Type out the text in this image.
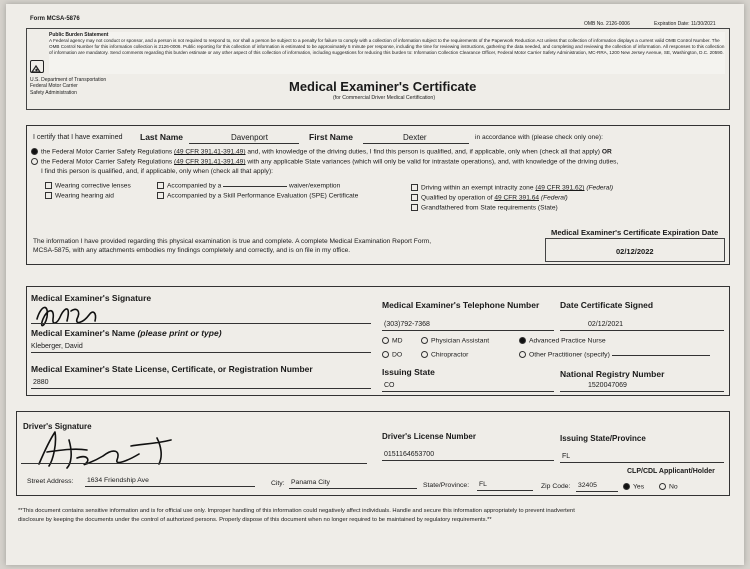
Form MCSA-5876
OMB No. 2126-0006	Expiration Date: 11/30/2021
Public Burden Statement
A Federal agency may not conduct or sponsor, and a person is not required to respond to, nor shall a person be subject to a penalty for failure to comply with a collection of information subject to the requirements of the Paperwork Reduction Act unless that collection of information displays a current valid OMB Control Number. The OMB Control Number for this information collection is 2126-0006. Public reporting for this collection of information is estimated to be approximately 5 minute per response, including the time for reviewing instructions, gathering the data needed, and completing and reviewing the collection of information. All responses to this collection of information are mandatory. Send comments regarding this burden estimate or any other aspect of this collection of information, including suggestions for reducing this burden to: Information Collection Clearance Officer, Federal Motor Carrier Safety Administration, MC-RRA, 1200 New Jersey Avenue, SE, Washington, D.C. 20590.
U.S. Department of Transportation
Federal Motor Carrier
Safety Administration	Medical Examiner's Certificate
(for Commercial Driver Medical Certification)
I certify that I have examined Last Name	Davenport	First Name	Dexter	in accordance with (please check only one):
the Federal Motor Carrier Safety Regulations (49 CFR 391.41-391.49) and, with knowledge of the driving duties, I find this person is qualified, and, if applicable, only when (check all that apply) OR
the Federal Motor Carrier Safety Regulations (49 CFR 391.41-391.49) with any applicable State variances (which will only be valid for intrastate operations), and, with knowledge of the driving duties,
I find this person is qualified, and, if applicable, only when (check all that apply):
Wearing corrective lenses
Wearing hearing aid
Accompanied by a	waiver/exemption
Accompanied by a Skill Performance Evaluation (SPE) Certificate
Driving within an exempt intracity zone (49 CFR 391.62) (Federal)
Qualified by operation of 49 CFR 391.64 (Federal)
Grandfathered from State requirements (State)
The information I have provided regarding this physical examination is true and complete. A complete Medical Examination Report Form,
MCSA-5875, with any attachments embodies my findings completely and correctly, and is on file in my office.
Medical Examiner's Certificate Expiration Date
02/12/2022
Medical Examiner's Signature
Medical Examiner's Telephone Number
(303)792-7368
Date Certificate Signed
02/12/2021
Medical Examiner's Name (please print or type)
Kleberger, David
MD	Physician Assistant	Advanced Practice Nurse
DO	Chiropractor	Other Practitioner (specify)
Medical Examiner's State License, Certificate, or Registration Number
2880
Issuing State
CO
National Registry Number
1520047069
Driver's Signature
Driver's License Number
0151164653700
Issuing State/Province
FL
CLP/CDL Applicant/Holder
Street Address: 1634 Friendship Ave	City: Panama City	State/Province: FL	Zip Code: 32405	Yes	No
**This document contains sensitive information and is for official use only. Improper handling of this information could negatively affect individuals. Handle and secure this information appropriately to prevent inadvertent
disclosure by keeping the documents under the control of authorized persons. Properly dispose of this document when no longer required to be maintained by regulatory requirements.**
